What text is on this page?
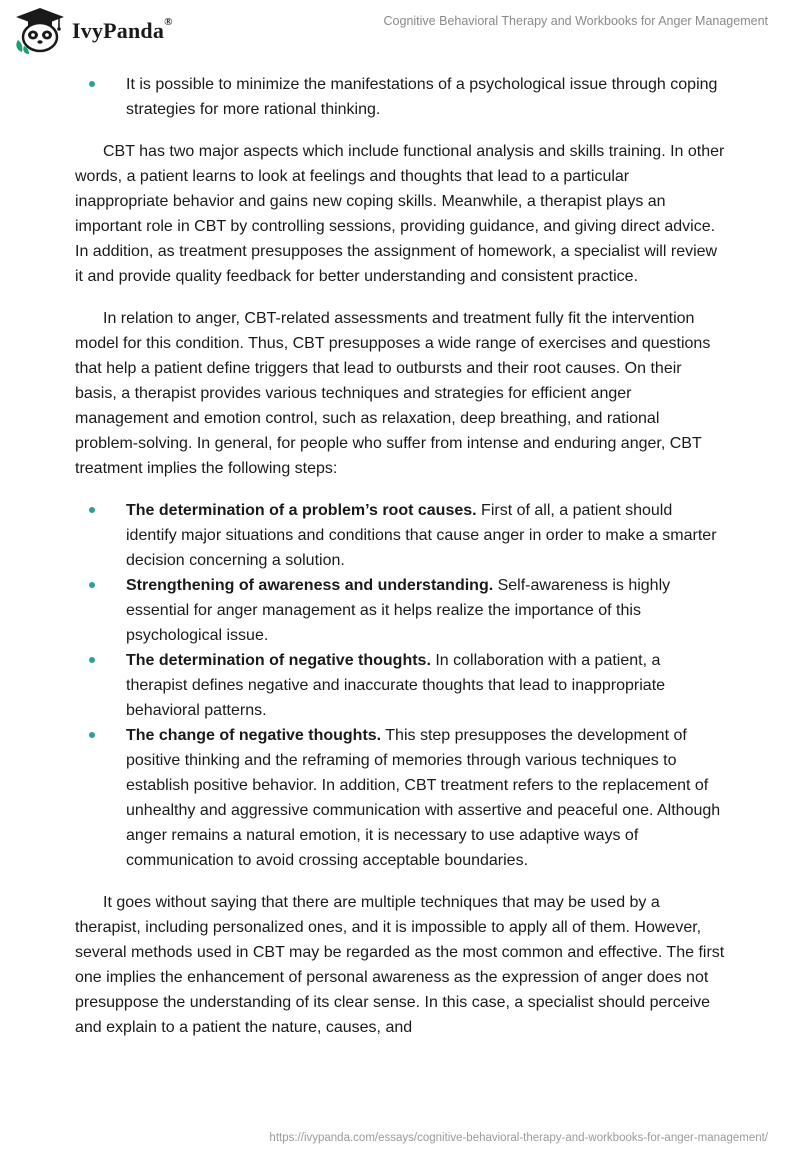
IvyPanda®	Cognitive Behavioral Therapy and Workbooks for Anger Management
It is possible to minimize the manifestations of a psychological issue through coping strategies for more rational thinking.

CBT has two major aspects which include functional analysis and skills training. In other words, a patient learns to look at feelings and thoughts that lead to a particular inappropriate behavior and gains new coping skills. Meanwhile, a therapist plays an important role in CBT by controlling sessions, providing guidance, and giving direct advice. In addition, as treatment presupposes the assignment of homework, a specialist will review it and provide quality feedback for better understanding and consistent practice.

In relation to anger, CBT-related assessments and treatment fully fit the intervention model for this condition. Thus, CBT presupposes a wide range of exercises and questions that help a patient define triggers that lead to outbursts and their root causes. On their basis, a therapist provides various techniques and strategies for efficient anger management and emotion control, such as relaxation, deep breathing, and rational problem-solving. In general, for people who suffer from intense and enduring anger, CBT treatment implies the following steps:

The determination of a problem’s root causes. First of all, a patient should identify major situations and conditions that cause anger in order to make a smarter decision concerning a solution.
Strengthening of awareness and understanding. Self-awareness is highly essential for anger management as it helps realize the importance of this psychological issue.
The determination of negative thoughts. In collaboration with a patient, a therapist defines negative and inaccurate thoughts that lead to inappropriate behavioral patterns.
The change of negative thoughts. This step presupposes the development of positive thinking and the reframing of memories through various techniques to establish positive behavior. In addition, CBT treatment refers to the replacement of unhealthy and aggressive communication with assertive and peaceful one. Although anger remains a natural emotion, it is necessary to use adaptive ways of communication to avoid crossing acceptable boundaries.

It goes without saying that there are multiple techniques that may be used by a therapist, including personalized ones, and it is impossible to apply all of them. However, several methods used in CBT may be regarded as the most common and effective. The first one implies the enhancement of personal awareness as the expression of anger does not presuppose the understanding of its clear sense. In this case, a specialist should perceive and explain to a patient the nature, causes, and

https://ivypanda.com/essays/cognitive-behavioral-therapy-and-workbooks-for-anger-management/
